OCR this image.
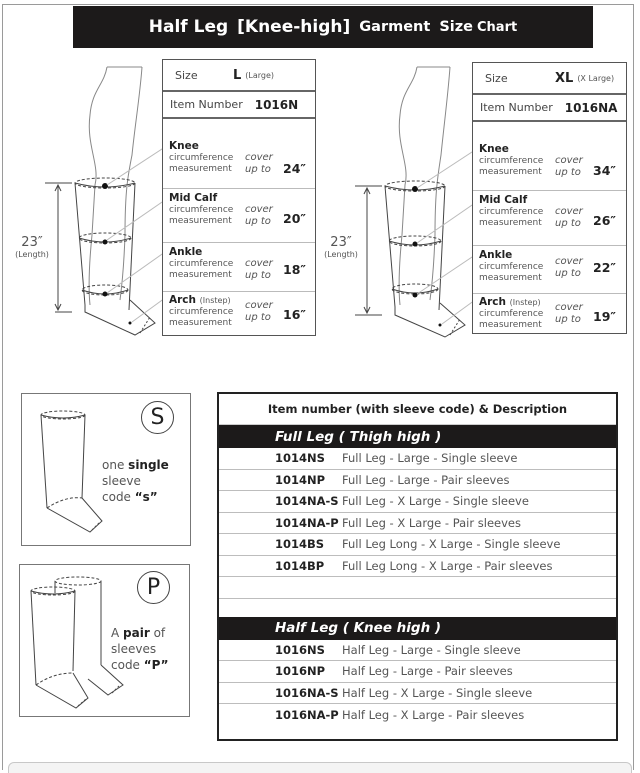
Half Leg [Knee-high] Garment Size Chart
23″
(Length)
Size	L (Large)
Item Number 1016N
Knee
circumference
measurement
cover
up to 24″
Mid Calf
circumference
measurement
cover
up to 20″
Ankle
circumference
measurement
cover
up to 18″
Arch (Instep)
circumference
measurement
cover
up to 16″
23″
(Length)
Size	XL (X Large)
Item Number 1016NA
Knee
circumference
measurement
cover
up to 34″
Mid Calf
circumference
measurement
cover
up to 26″
Ankle
circumference
measurement
cover
up to 22″
Arch (Instep)
circumference
measurement
cover
up to 19″
S
one single
sleeve
code “s”
P
A pair of
sleeves
code “P”
Item number (with sleeve code) & Description
Full Leg ( Thigh high )
1014NS	Full Leg - Large - Single sleeve
1014NP	Full Leg - Large - Pair sleeves
1014NA-S Full Leg - X Large - Single sleeve
1014NA-P Full Leg - X Large - Pair sleeves
1014BS	Full Leg Long - X Large - Single sleeve
1014BP	Full Leg Long - X Large - Pair sleeves
Half Leg ( Knee high )
1016NS	Half Leg - Large - Single sleeve
1016NP	Half Leg - Large - Pair sleeves
1016NA-S Half Leg - X Large - Single sleeve
1016NA-P Half Leg - X Large - Pair sleeves
